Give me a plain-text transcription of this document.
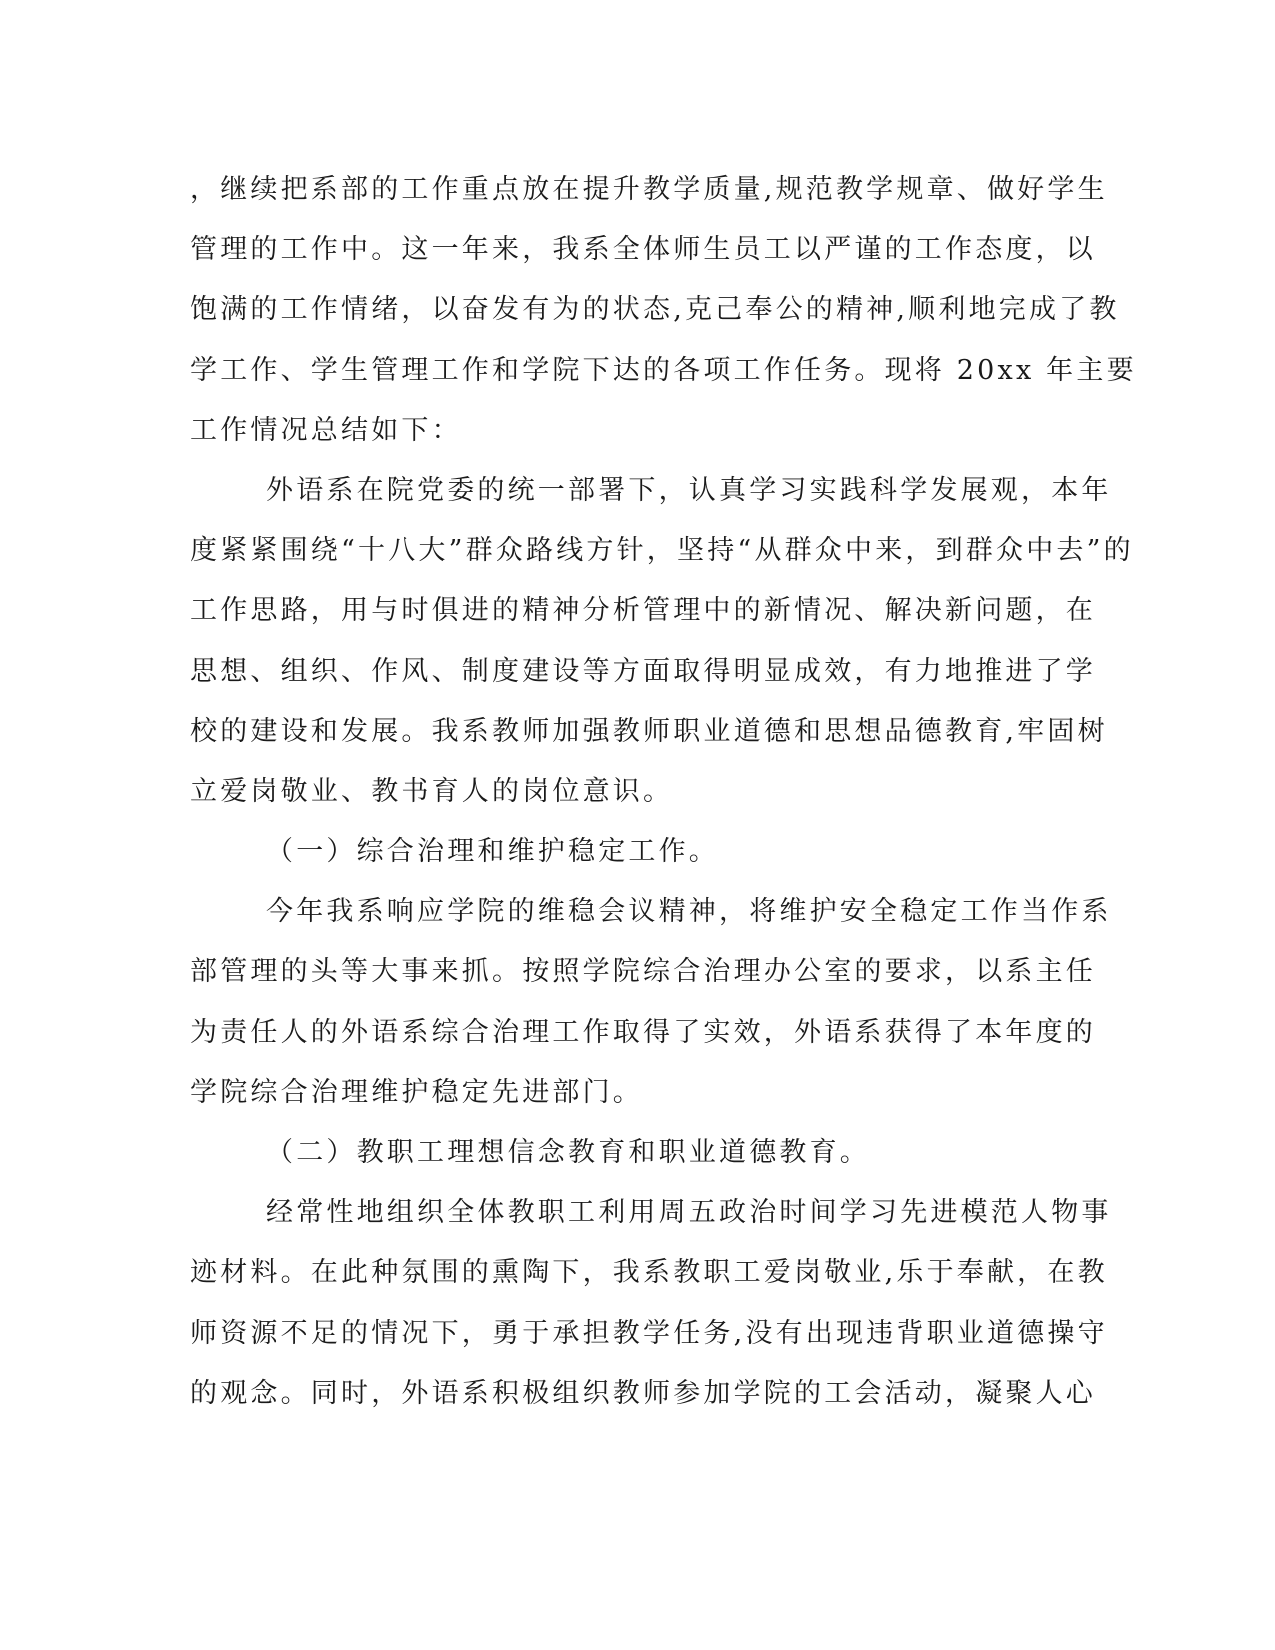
，继续把系部的工作重点放在提升教学质量,规范教学规章、做好学生
管理的工作中。这一年来，我系全体师生员工以严谨的工作态度，以
饱满的工作情绪，以奋发有为的状态,克己奉公的精神,顺利地完成了教
学工作、学生管理工作和学院下达的各项工作任务。现将 20xx 年主要
工作情况总结如下：
外语系在院党委的统一部署下，认真学习实践科学发展观，本年
度紧紧围绕“十八大”群众路线方针，坚持“从群众中来，到群众中去”的
工作思路，用与时俱进的精神分析管理中的新情况、解决新问题，在
思想、组织、作风、制度建设等方面取得明显成效，有力地推进了学
校的建设和发展。我系教师加强教师职业道德和思想品德教育,牢固树
立爱岗敬业、教书育人的岗位意识。
（一）综合治理和维护稳定工作。
今年我系响应学院的维稳会议精神，将维护安全稳定工作当作系
部管理的头等大事来抓。按照学院综合治理办公室的要求，以系主任
为责任人的外语系综合治理工作取得了实效，外语系获得了本年度的
学院综合治理维护稳定先进部门。
（二）教职工理想信念教育和职业道德教育。
经常性地组织全体教职工利用周五政治时间学习先进模范人物事
迹材料。在此种氛围的熏陶下，我系教职工爱岗敬业,乐于奉献，在教
师资源不足的情况下，勇于承担教学任务,没有出现违背职业道德操守
的观念。同时，外语系积极组织教师参加学院的工会活动，凝聚人心
